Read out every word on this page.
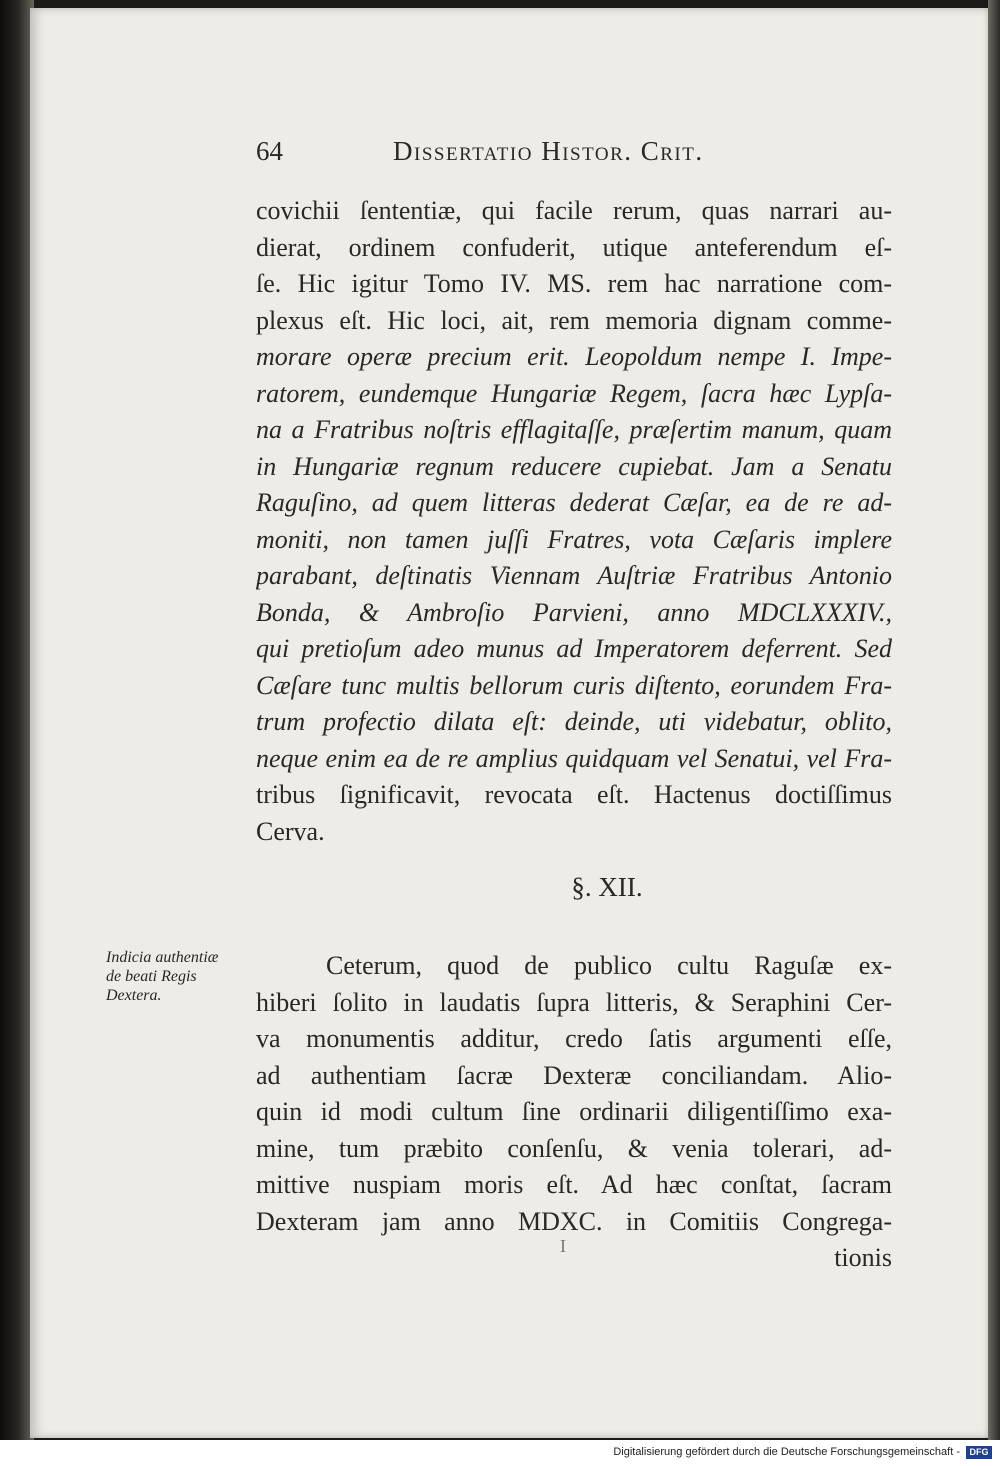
64	Dissertatio Histor. Crit.
covichii ſententiæ, qui facile rerum, quas narrari au-
dierat, ordinem confuderit, utique anteferendum eſ-
ſe. Hic igitur Tomo IV. MS. rem hac narratione com-
plexus eſt. Hic loci, ait, rem memoria dignam comme-
morare operæ precium erit. Leopoldum nempe I. Impe-
ratorem, eundemque Hungariæ Regem, ſacra hæc Lypſa-
na a Fratribus noſtris efflagitaſſe, præſertim manum, quam
in Hungariæ regnum reducere cupiebat. Jam a Senatu
Raguſino, ad quem litteras dederat Cæſar, ea de re ad-
moniti, non tamen juſſi Fratres, vota Cæſaris implere
parabant, deſtinatis Viennam Auſtriæ Fratribus Antonio
Bonda, & Ambroſio Parvieni, anno MDCLXXXIV.,
qui pretioſum adeo munus ad Imperatorem deferrent. Sed
Cæſare tunc multis bellorum curis diſtento, eorundem Fra-
trum profectio dilata eſt: deinde, uti videbatur, oblito,
neque enim ea de re amplius quidquam vel Senatui, vel Fra-
tribus ſignificavit, revocata eſt. Hactenus doctiſſimus
Cerva.
§. XII.
Indicia authentiæ
de beati Regis
Dextera.
Ceterum, quod de publico cultu Raguſæ ex-
hiberi ſolito in laudatis ſupra litteris, & Seraphini Cer-
va monumentis additur, credo ſatis argumenti eſſe,
ad authentiam ſacræ Dexteræ conciliandam. Alio-
quin id modi cultum ſine ordinarii diligentiſſimo exa-
mine, tum præbito conſenſu, & venia tolerari, ad-
mittive nuspiam moris eſt. Ad hæc conſtat, ſacram
Dexteram jam anno MDXC. in Comitiis Congrega-
tionis
I
Digitalisierung gefördert durch die Deutsche Forschungsgemeinschaft -	DFG
